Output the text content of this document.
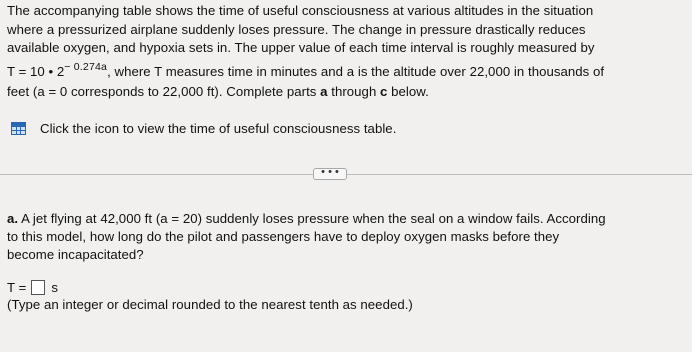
The accompanying table shows the time of useful consciousness at various altitudes in the situation
where a pressurized airplane suddenly loses pressure. The change in pressure drastically reduces
available oxygen, and hypoxia sets in. The upper value of each time interval is roughly measured by
T = 10 • $2^{- 0.274a}$, where T measures time in minutes and a is the altitude over 22,000 in thousands of
feet (a = 0 corresponds to 22,000 ft). Complete parts a through c below.
Click the icon to view the time of useful consciousness table.
• • •
a. A jet flying at 42,000 ft (a = 20) suddenly loses pressure when the seal on a window fails. According
to this model, how long do the pilot and passengers have to deploy oxygen masks before they
become incapacitated?
T = s
(Type an integer or decimal rounded to the nearest tenth as needed.)
